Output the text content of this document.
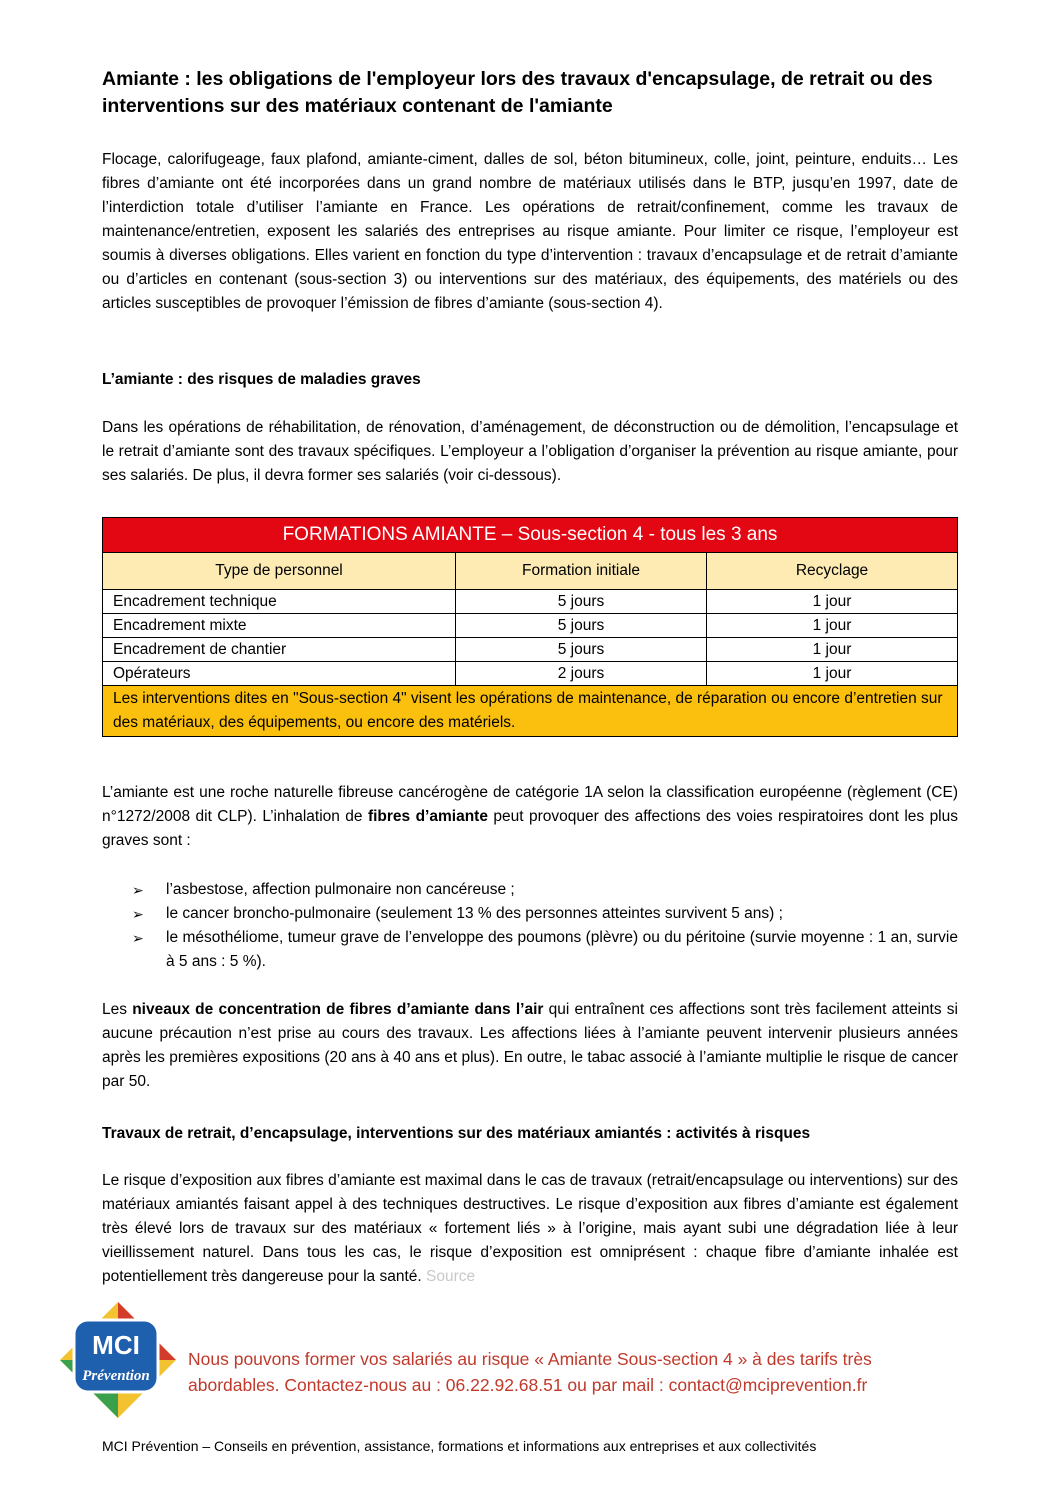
Amiante : les obligations de l'employeur lors des travaux d'encapsulage, de retrait ou des interventions sur des matériaux contenant de l'amiante

Flocage, calorifugeage, faux plafond, amiante-ciment, dalles de sol, béton bitumineux, colle, joint, peinture, enduits… Les fibres d’amiante ont été incorporées dans un grand nombre de matériaux utilisés dans le BTP, jusqu’en 1997, date de l’interdiction totale d’utiliser l’amiante en France. Les opérations de retrait/confinement, comme les travaux de maintenance/entretien, exposent les salariés des entreprises au risque amiante. Pour limiter ce risque, l’employeur est soumis à diverses obligations. Elles varient en fonction du type d’intervention : travaux d’encapsulage et de retrait d’amiante ou d’articles en contenant (sous-section 3) ou interventions sur des matériaux, des équipements, des matériels ou des articles susceptibles de provoquer l’émission de fibres d’amiante (sous-section 4).

L’amiante : des risques de maladies graves

Dans les opérations de réhabilitation, de rénovation, d’aménagement, de déconstruction ou de démolition, l’encapsulage et le retrait d’amiante sont des travaux spécifiques. L’employeur a l’obligation d’organiser la prévention au risque amiante, pour ses salariés. De plus, il devra former ses salariés (voir ci-dessous).

FORMATIONS AMIANTE – Sous-section 4 - tous les 3 ans		
Type de personnel	Formation initiale	Recyclage
Encadrement technique	5 jours	1 jour
Encadrement mixte	5 jours	1 jour
Encadrement de chantier	5 jours	1 jour
Opérateurs	2 jours	1 jour
Les interventions dites en "Sous-section 4" visent les opérations de maintenance, de réparation ou encore d’entretien sur des matériaux, des équipements, ou encore des matériels.		

L’amiante est une roche naturelle fibreuse cancérogène de catégorie 1A selon la classification européenne (règlement (CE) n°1272/2008 dit CLP). L’inhalation de fibres d’amiante peut provoquer des affections des voies respiratoires dont les plus graves sont :

Les niveaux de concentration de fibres d’amiante dans l’air qui entraînent ces affections sont très facilement atteints si aucune précaution n’est prise au cours des travaux. Les affections liées à l’amiante peuvent intervenir plusieurs années après les premières expositions (20 ans à 40 ans et plus). En outre, le tabac associé à l’amiante multiplie le risque de cancer par 50.

Travaux de retrait, d’encapsulage, interventions sur des matériaux amiantés : activités à risques

Le risque d’exposition aux fibres d’amiante est maximal dans le cas de travaux (retrait/encapsulage ou interventions) sur des matériaux amiantés faisant appel à des techniques destructives. Le risque d’exposition aux fibres d’amiante est également très élevé lors de travaux sur des matériaux « fortement liés » à l’origine, mais ayant subi une dégradation liée à leur vieillissement naturel. Dans tous les cas, le risque d’exposition est omniprésent : chaque fibre d’amiante inhalée est potentiellement très dangereuse pour la santé. Source

➢ l’asbestose, affection pulmonaire non cancéreuse ;
➢ le cancer broncho-pulmonaire (seulement 13 % des personnes atteintes survivent 5 ans) ;
➢ le mésothéliome, tumeur grave de l’enveloppe des poumons (plèvre) ou du péritoine (survie moyenne : 1 an, survie à 5 ans : 5 %).
MCI
Prévention

Nous pouvons former vos salariés au risque « Amiante Sous-section 4 » à des tarifs très abordables. Contactez-nous au : 06.22.92.68.51 ou par mail : contact@mciprevention.fr

MCI Prévention – Conseils en prévention, assistance, formations et informations aux entreprises et aux collectivités
